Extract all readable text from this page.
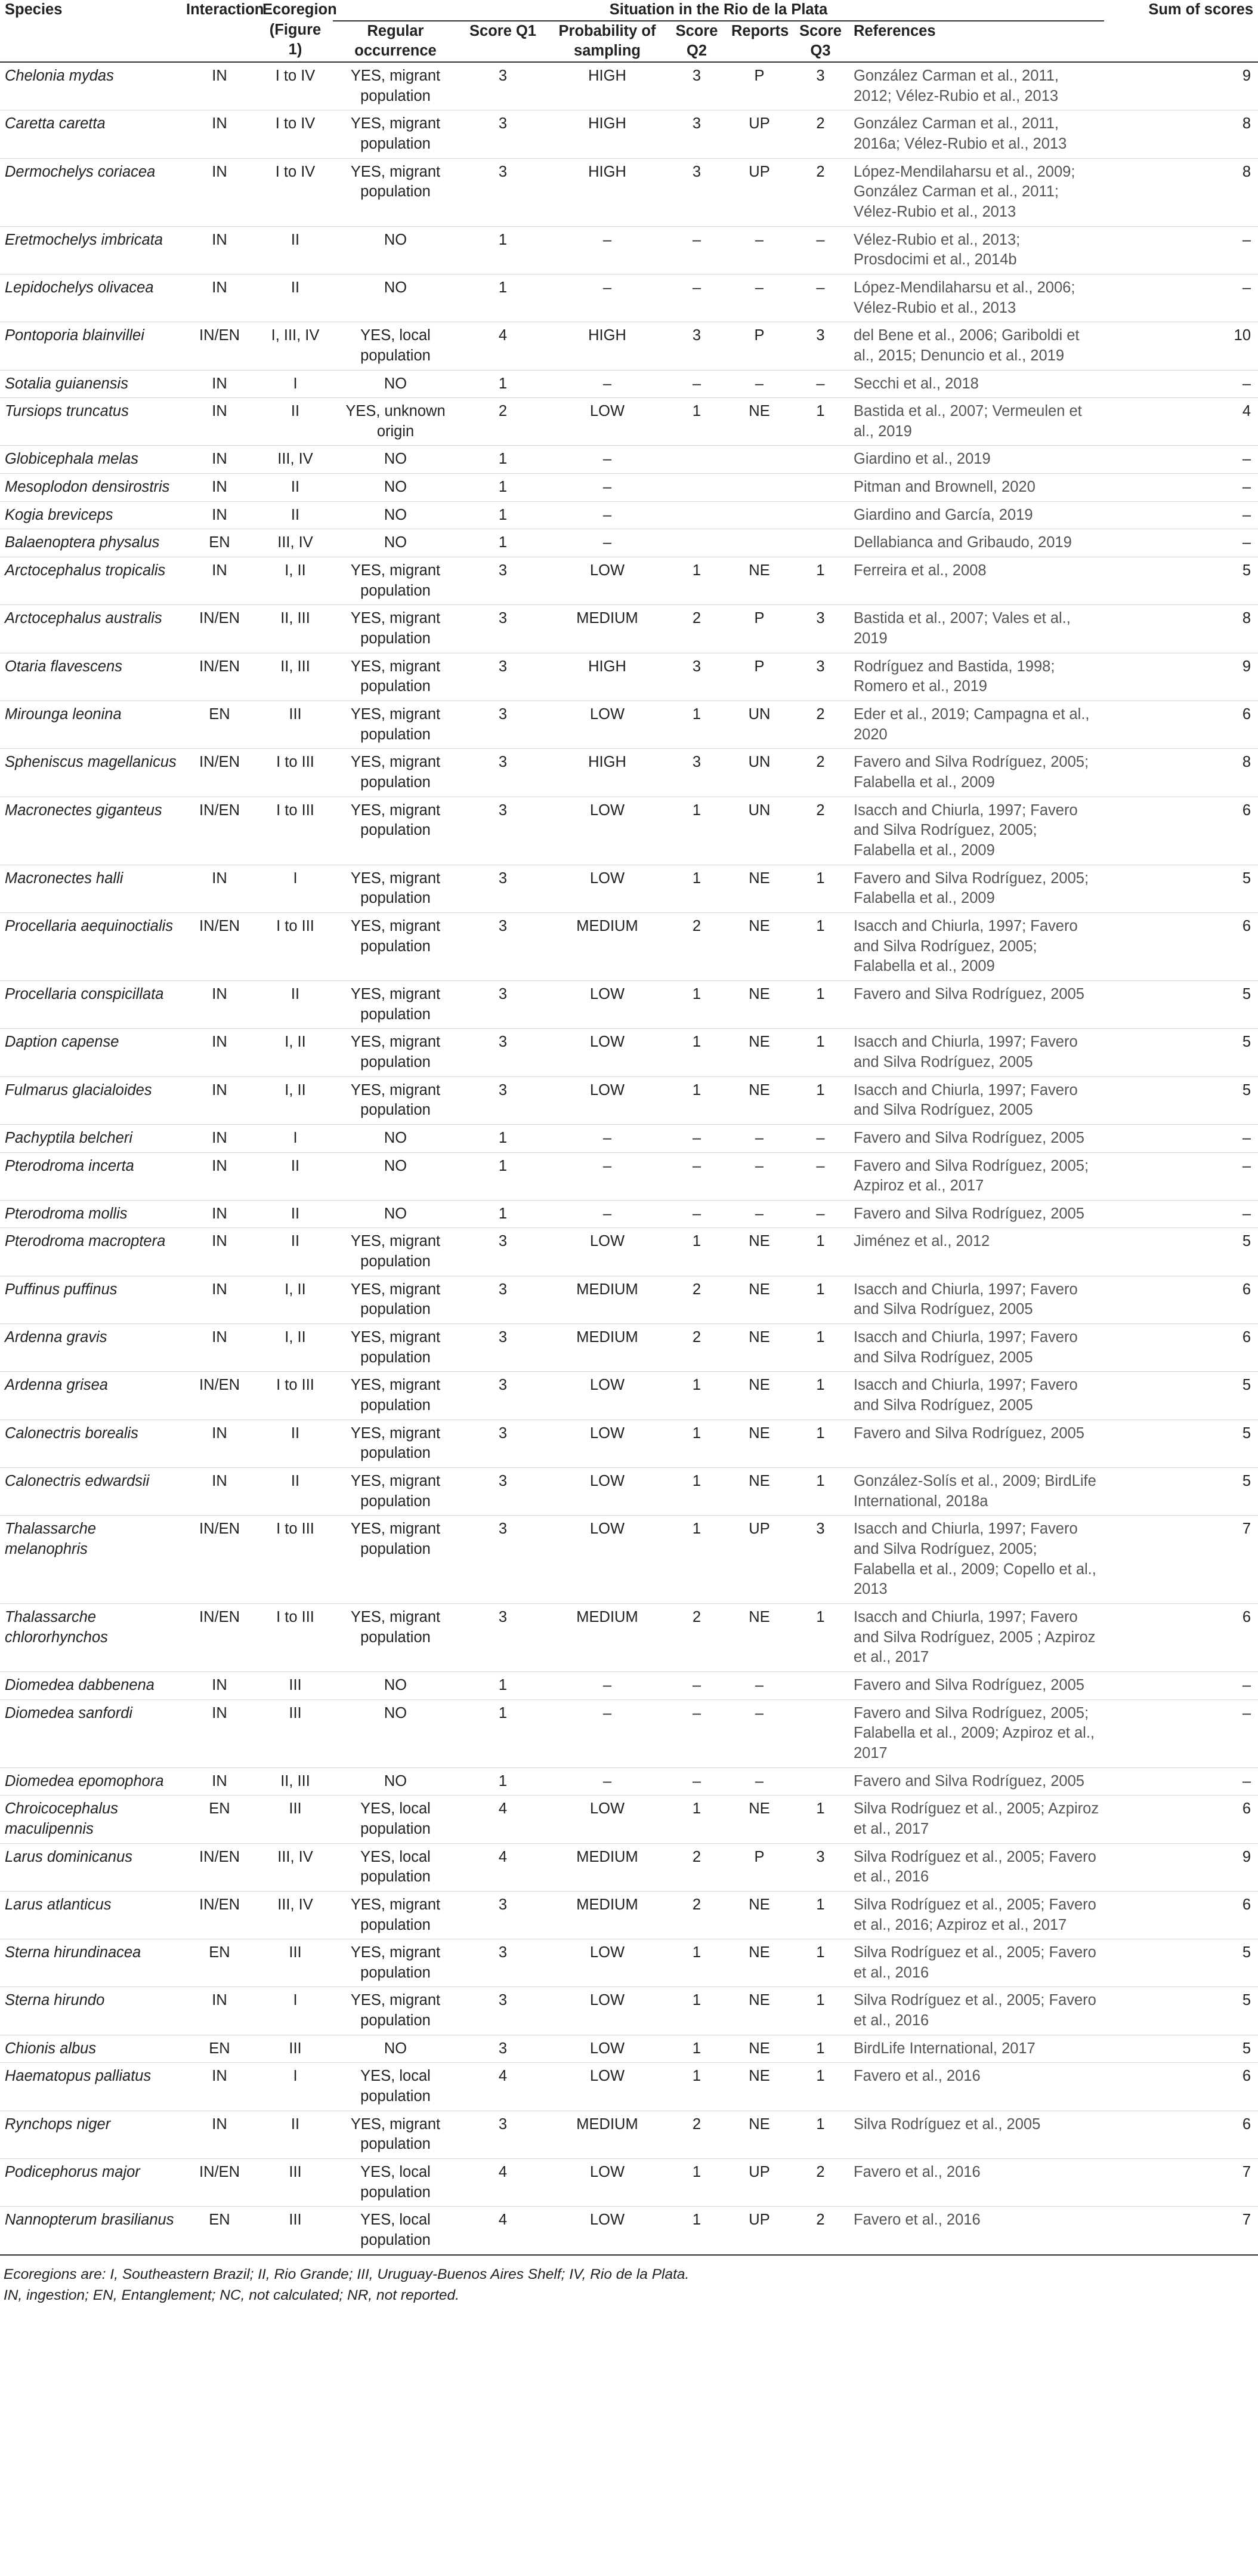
Species	Interaction	Ecoregion (Figure 1)	Situation in the Rio de la Plata							Sum of scores
			Regular occurrence	Score Q1	Probability of sampling	Score Q2	Reports	Score Q3	References	
Chelonia mydas	IN	I to IV	YES, migrant population	3	HIGH	3	P	3	González Carman et al., 2011, 2012; Vélez-Rubio et al., 2013	9
Caretta caretta	IN	I to IV	YES, migrant population	3	HIGH	3	UP	2	González Carman et al., 2011, 2016a; Vélez-Rubio et al., 2013	8
Dermochelys coriacea	IN	I to IV	YES, migrant population	3	HIGH	3	UP	2	López-Mendilaharsu et al., 2009; González Carman et al., 2011; Vélez-Rubio et al., 2013	8
Eretmochelys imbricata	IN	II	NO	1	–	–	–	–	Vélez-Rubio et al., 2013; Prosdocimi et al., 2014b	–
Lepidochelys olivacea	IN	II	NO	1	–	–	–	–	López-Mendilaharsu et al., 2006; Vélez-Rubio et al., 2013	–
Pontoporia blainvillei	IN/EN	I, III, IV	YES, local population	4	HIGH	3	P	3	del Bene et al., 2006; Gariboldi et al., 2015; Denuncio et al., 2019	10
Sotalia guianensis	IN	I	NO	1	–	–	–	–	Secchi et al., 2018	–
Tursiops truncatus	IN	II	YES, unknown origin	2	LOW	1	NE	1	Bastida et al., 2007; Vermeulen et al., 2019	4
Globicephala melas	IN	III, IV	NO	1	–				Giardino et al., 2019	–
Mesoplodon densirostris	IN	II	NO	1	–				Pitman and Brownell, 2020	–
Kogia breviceps	IN	II	NO	1	–				Giardino and García, 2019	–
Balaenoptera physalus	EN	III, IV	NO	1	–				Dellabianca and Gribaudo, 2019	–
Arctocephalus tropicalis	IN	I, II	YES, migrant population	3	LOW	1	NE	1	Ferreira et al., 2008	5
Arctocephalus australis	IN/EN	II, III	YES, migrant population	3	MEDIUM	2	P	3	Bastida et al., 2007; Vales et al., 2019	8
Otaria flavescens	IN/EN	II, III	YES, migrant population	3	HIGH	3	P	3	Rodríguez and Bastida, 1998; Romero et al., 2019	9
Mirounga leonina	EN	III	YES, migrant population	3	LOW	1	UN	2	Eder et al., 2019; Campagna et al., 2020	6
Spheniscus magellanicus	IN/EN	I to III	YES, migrant population	3	HIGH	3	UN	2	Favero and Silva Rodríguez, 2005; Falabella et al., 2009	8
Macronectes giganteus	IN/EN	I to III	YES, migrant population	3	LOW	1	UN	2	Isacch and Chiurla, 1997; Favero and Silva Rodríguez, 2005; Falabella et al., 2009	6
Macronectes halli	IN	I	YES, migrant population	3	LOW	1	NE	1	Favero and Silva Rodríguez, 2005; Falabella et al., 2009	5
Procellaria aequinoctialis	IN/EN	I to III	YES, migrant population	3	MEDIUM	2	NE	1	Isacch and Chiurla, 1997; Favero and Silva Rodríguez, 2005; Falabella et al., 2009	6
Procellaria conspicillata	IN	II	YES, migrant population	3	LOW	1	NE	1	Favero and Silva Rodríguez, 2005	5
Daption capense	IN	I, II	YES, migrant population	3	LOW	1	NE	1	Isacch and Chiurla, 1997; Favero and Silva Rodríguez, 2005	5
Fulmarus glacialoides	IN	I, II	YES, migrant population	3	LOW	1	NE	1	Isacch and Chiurla, 1997; Favero and Silva Rodríguez, 2005	5
Pachyptila belcheri	IN	I	NO	1	–	–	–	–	Favero and Silva Rodríguez, 2005	–
Pterodroma incerta	IN	II	NO	1	–	–	–	–	Favero and Silva Rodríguez, 2005; Azpiroz et al., 2017	–
Pterodroma mollis	IN	II	NO	1	–	–	–	–	Favero and Silva Rodríguez, 2005	–
Pterodroma macroptera	IN	II	YES, migrant population	3	LOW	1	NE	1	Jiménez et al., 2012	5
Puffinus puffinus	IN	I, II	YES, migrant population	3	MEDIUM	2	NE	1	Isacch and Chiurla, 1997; Favero and Silva Rodríguez, 2005	6
Ardenna gravis	IN	I, II	YES, migrant population	3	MEDIUM	2	NE	1	Isacch and Chiurla, 1997; Favero and Silva Rodríguez, 2005	6
Ardenna grisea	IN/EN	I to III	YES, migrant population	3	LOW	1	NE	1	Isacch and Chiurla, 1997; Favero and Silva Rodríguez, 2005	5
Calonectris borealis	IN	II	YES, migrant population	3	LOW	1	NE	1	Favero and Silva Rodríguez, 2005	5
Calonectris edwardsii	IN	II	YES, migrant population	3	LOW	1	NE	1	González-Solís et al., 2009; BirdLife International, 2018a	5
Thalassarche melanophris	IN/EN	I to III	YES, migrant population	3	LOW	1	UP	3	Isacch and Chiurla, 1997; Favero and Silva Rodríguez, 2005; Falabella et al., 2009; Copello et al., 2013	7
Thalassarche chlororhynchos	IN/EN	I to III	YES, migrant population	3	MEDIUM	2	NE	1	Isacch and Chiurla, 1997; Favero and Silva Rodríguez, 2005 ; Azpiroz et al., 2017	6
Diomedea dabbenena	IN	III	NO	1	–	–	–		Favero and Silva Rodríguez, 2005	–
Diomedea sanfordi	IN	III	NO	1	–	–	–		Favero and Silva Rodríguez, 2005; Falabella et al., 2009; Azpiroz et al., 2017	–
Diomedea epomophora	IN	II, III	NO	1	–	–	–		Favero and Silva Rodríguez, 2005	–
Chroicocephalus maculipennis	EN	III	YES, local population	4	LOW	1	NE	1	Silva Rodríguez et al., 2005; Azpiroz et al., 2017	6
Larus dominicanus	IN/EN	III, IV	YES, local population	4	MEDIUM	2	P	3	Silva Rodríguez et al., 2005; Favero et al., 2016	9
Larus atlanticus	IN/EN	III, IV	YES, migrant population	3	MEDIUM	2	NE	1	Silva Rodríguez et al., 2005; Favero et al., 2016; Azpiroz et al., 2017	6
Sterna hirundinacea	EN	III	YES, migrant population	3	LOW	1	NE	1	Silva Rodríguez et al., 2005; Favero et al., 2016	5
Sterna hirundo	IN	I	YES, migrant population	3	LOW	1	NE	1	Silva Rodríguez et al., 2005; Favero et al., 2016	5
Chionis albus	EN	III	NO	3	LOW	1	NE	1	BirdLife International, 2017	5
Haematopus palliatus	IN	I	YES, local population	4	LOW	1	NE	1	Favero et al., 2016	6
Rynchops niger	IN	II	YES, migrant population	3	MEDIUM	2	NE	1	Silva Rodríguez et al., 2005	6
Podicephorus major	IN/EN	III	YES, local population	4	LOW	1	UP	2	Favero et al., 2016	7
Nannopterum brasilianus	EN	III	YES, local population	4	LOW	1	UP	2	Favero et al., 2016	7
Ecoregions are: I, Southeastern Brazil; II, Rio Grande; III, Uruguay-Buenos Aires Shelf; IV, Rio de la Plata.
IN, ingestion; EN, Entanglement; NC, not calculated; NR, not reported.
